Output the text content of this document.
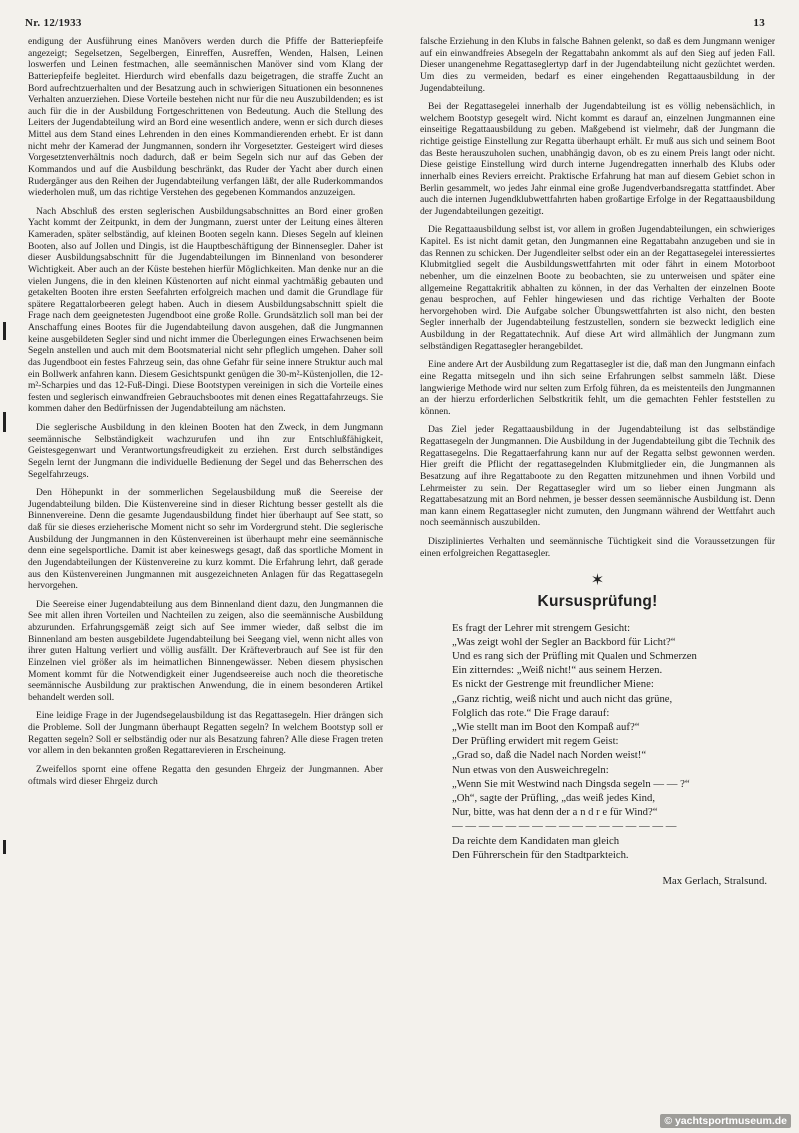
Nr. 12/1933	13

endigung der Ausführung eines Manövers werden durch die Pfiffe der Batteriepfeife angezeigt; Segelsetzen, Segelbergen, Einreffen, Ausreffen, Wenden, Halsen, Leinen loswerfen und Leinen festmachen, alle seemännischen Manöver sind vom Klang der Batteriepfeife begleitet. Hierdurch wird ebenfalls dazu beigetragen, die straffe Zucht an Bord aufrechtzuerhalten und der Besatzung auch in schwierigen Situationen ein besonnenes Verhalten anzuerziehen. Diese Vorteile bestehen nicht nur für die neu Auszubildenden; es ist auch für die in der Ausbildung Fortgeschrittenen von Bedeutung. Auch die Stellung des Leiters der Jugendabteilung wird an Bord eine wesentlich andere, wenn er sich durch dieses Mittel aus dem Stand eines Lehrenden in den eines Kommandierenden erhebt. Er ist dann nicht mehr der Kamerad der Jungmannen, sondern ihr Vorgesetzter. Gesteigert wird dieses Vorgesetztenverhältnis noch dadurch, daß er beim Segeln sich nur auf das Geben der Kommandos und auf die Ausbildung beschränkt, das Ruder der Yacht aber durch einen Rudergänger aus den Reihen der Jugendabteilung verfangen läßt, der alle Ruderkommandos wiederholen muß, um das richtige Verstehen des gegebenen Kommandos anzuzeigen.

Nach Abschluß des ersten seglerischen Ausbildungsabschnittes an Bord einer großen Yacht kommt der Zeitpunkt, in dem der Jungmann, zuerst unter der Leitung eines älteren Kameraden, später selbständig, auf kleinen Booten segeln kann. Dieses Segeln auf kleinen Booten, also auf Jollen und Dingis, ist die Hauptbeschäftigung der Binnensegler. Daher ist dieser Ausbildungsabschnitt für die Jugendabteilungen im Binnenland von besonderer Wichtigkeit. Aber auch an der Küste bestehen hierfür Möglichkeiten. Man denke nur an die vielen Jungens, die in den kleinen Küstenorten auf nicht einmal yachtmäßig gebauten und getakelten Booten ihre ersten Seefahrten erfolgreich machen und damit die Grundlage für spätere Regattalorbeeren gelegt haben. Auch in diesem Ausbildungsabschnitt spielt die Frage nach dem geeignetesten Jugendboot eine große Rolle. Grundsätzlich soll man bei der Anschaffung eines Bootes für die Jugendabteilung davon ausgehen, daß die Jungmannen keine ausgebildeten Segler sind und nicht immer die Überlegungen eines Erwachsenen beim Segeln anstellen und auch mit dem Bootsmaterial nicht sehr pfleglich umgehen. Daher soll das Jugendboot ein festes Fahrzeug sein, das ohne Gefahr für seine innere Struktur auch mal ein Bollwerk anfahren kann. Diesem Gesichtspunkt genügen die 30-m²-Küstenjollen, die 12-m²-Scharpies und das 12-Fuß-Dingi. Diese Bootstypen vereinigen in sich die Vorteile eines festen und seglerisch einwandfreien Gebrauchsbootes mit denen eines Regattafahrzeugs. Sie kommen daher den Bedürfnissen der Jugendabteilung am nächsten.

Die seglerische Ausbildung in den kleinen Booten hat den Zweck, in dem Jungmann seemännische Selbständigkeit wachzurufen und ihn zur Entschlußfähigkeit, Geistesgegenwart und Verantwortungsfreudigkeit zu erziehen. Erst durch selbständiges Segeln lernt der Jungmann die individuelle Bedienung der Segel und das Beherrschen des Segelfahrzeugs.

Den Höhepunkt in der sommerlichen Segelausbildung muß die Seereise der Jugendabteilung bilden. Die Küstenvereine sind in dieser Richtung besser gestellt als die Binnenvereine. Denn die gesamte Jugendausbildung findet hier überhaupt auf See statt, so daß für sie dieses erzieherische Moment nicht so sehr im Vordergrund steht. Die seglerische Ausbildung der Jungmannen in den Küstenvereinen ist überhaupt mehr eine seemännische denn eine segelsportliche. Damit ist aber keineswegs gesagt, daß das sportliche Moment in den Jugendabteilungen der Küstenvereine zu kurz kommt. Die Erfahrung lehrt, daß gerade aus den Küstenvereinen Jungmannen mit ausgezeichneten Anlagen für das Regattasegeln hervorgehen.

Die Seereise einer Jugendabteilung aus dem Binnenland dient dazu, den Jungmannen die See mit allen ihren Vorteilen und Nachteilen zu zeigen, also die seemännische Ausbildung abzurunden. Erfahrungsgemäß zeigt sich auf See immer wieder, daß selbst die im Binnenland am besten ausgebildete Jugendabteilung bei Seegang viel, wenn nicht alles von ihrer guten Haltung verliert und völlig ausfällt. Der Kräfteverbrauch auf See ist für den Einzelnen viel größer als im heimatlichen Binnengewässer. Neben diesem physischen Moment kommt für die Notwendigkeit einer Jugendseereise auch noch die theoretische seemännische Ausbildung zur praktischen Anwendung, die in einem besonderen Artikel behandelt werden soll.

Eine leidige Frage in der Jugendsegelausbildung ist das Regattasegeln. Hier drängen sich die Probleme. Soll der Jungmann überhaupt Regatten segeln? In welchem Bootstyp soll er Regatten segeln? Soll er selbständig oder nur als Besatzung fahren? Alle diese Fragen treten vor allem in den bekannten großen Regattarevieren in Erscheinung.

Zweifellos spornt eine offene Regatta den gesunden Ehrgeiz der Jungmannen. Aber oftmals wird dieser Ehrgeiz durch

falsche Erziehung in den Klubs in falsche Bahnen gelenkt, so daß es dem Jungmann weniger auf ein einwandfreies Absegeln der Regattabahn ankommt als auf den Sieg auf jeden Fall. Dieser unangenehme Regattaseglertyp darf in der Jugendabteilung nicht gezüchtet werden. Um dies zu vermeiden, bedarf es einer eingehenden Regattaausbildung in der Jugendabteilung.

Bei der Regattasegelei innerhalb der Jugendabteilung ist es völlig nebensächlich, in welchem Bootstyp gesegelt wird. Nicht kommt es darauf an, einzelnen Jungmannen eine einseitige Regattaausbildung zu geben. Maßgebend ist vielmehr, daß der Jungmann die richtige geistige Einstellung zur Regatta überhaupt erhält. Er muß aus sich und seinem Boot das Beste herauszuholen suchen, unabhängig davon, ob es zu einem Preis langt oder nicht. Diese geistige Einstellung wird durch interne Jugendregatten innerhalb des Klubs oder innerhalb eines Reviers erreicht. Praktische Erfahrung hat man auf diesem Gebiet schon in Berlin gesammelt, wo jedes Jahr einmal eine große Jugendverbandsregatta stattfindet. Aber auch die internen Jugendklubwettfahrten haben großartige Erfolge in der Regattaausbildung der Jugendabteilungen gezeitigt.

Die Regattaausbildung selbst ist, vor allem in großen Jugendabteilungen, ein schwieriges Kapitel. Es ist nicht damit getan, den Jungmannen eine Regattabahn anzugeben und sie in das Rennen zu schicken. Der Jugendleiter selbst oder ein an der Regattasegelei interessiertes Klubmitglied segelt die Ausbildungswettfahrten mit oder fährt in einem Motorboot nebenher, um die einzelnen Boote zu beobachten, sie zu unterweisen und später eine allgemeine Regattakritik abhalten zu können, in der das Verhalten der einzelnen Boote genau besprochen, auf Fehler hingewiesen und das richtige Verhalten der Boote hervorgehoben wird. Die Aufgabe solcher Übungswettfahrten ist also nicht, den besten Segler innerhalb der Jugendabteilung festzustellen, sondern sie bezweckt lediglich eine Ausbildung in der Regattatechnik. Auf diese Art wird allmählich der Jungmann zum selbständigen Regattasegler herangebildet.

Eine andere Art der Ausbildung zum Regattasegler ist die, daß man den Jungmann einfach eine Regatta mitsegeln und ihn sich seine Erfahrungen selbst sammeln läßt. Diese langwierige Methode wird nur selten zum Erfolg führen, da es meistenteils den Jungmannen an der hierzu erforderlichen Selbstkritik fehlt, um die gemachten Fehler feststellen zu können.

Das Ziel jeder Regattaausbildung in der Jugendabteilung ist das selbständige Regattasegeln der Jungmannen. Die Ausbildung in der Jugendabteilung gibt die Technik des Regattasegelns. Die Regattaerfahrung kann nur auf der Regatta selbst gewonnen werden. Hier greift die Pflicht der regattasegelnden Klubmitglieder ein, die Jungmannen als Besatzung auf ihre Regattaboote zu den Regatten mitzunehmen und ihnen Vorbild und Lehrmeister zu sein. Der Regattasegler wird um so lieber einen Jungmann als Regattabesatzung mit an Bord nehmen, je besser dessen seemännische Ausbildung ist. Denn man kann einem Regattasegler nicht zumuten, den Jungmann während der Wettfahrt auch noch seemännisch auszubilden.

Diszipliniertes Verhalten und seemännische Tüchtigkeit sind die Voraussetzungen für einen erfolgreichen Regattasegler.

✶
Kursusprüfung!
Es fragt der Lehrer mit strengem Gesicht:
„Was zeigt wohl der Segler an Backbord für Licht?“
Und es rang sich der Prüfling mit Qualen und Schmerzen
Ein zitterndes: „Weiß nicht!“ aus seinem Herzen.
Es nickt der Gestrenge mit freundlicher Miene:
„Ganz richtig, weiß nicht und auch nicht das grüne,
Folglich das rote.“ Die Frage darauf:
„Wie stellt man im Boot den Kompaß auf?“
Der Prüfling erwidert mit regem Geist:
„Grad so, daß die Nadel nach Norden weist!“
Nun etwas von den Ausweichregeln:
„Wenn Sie mit Westwind nach Dingsda segeln — — ?“
„Oh“, sagte der Prüfling, „das weiß jedes Kind,
Nur, bitte, was hat denn der a n d r e für Wind?“
— — — — — — — — — — — — — — — — —
Da reichte dem Kandidaten man gleich
Den Führerschein für den Stadtparkteich.
Max Gerlach, Stralsund.
© yachtsportmuseum.de
